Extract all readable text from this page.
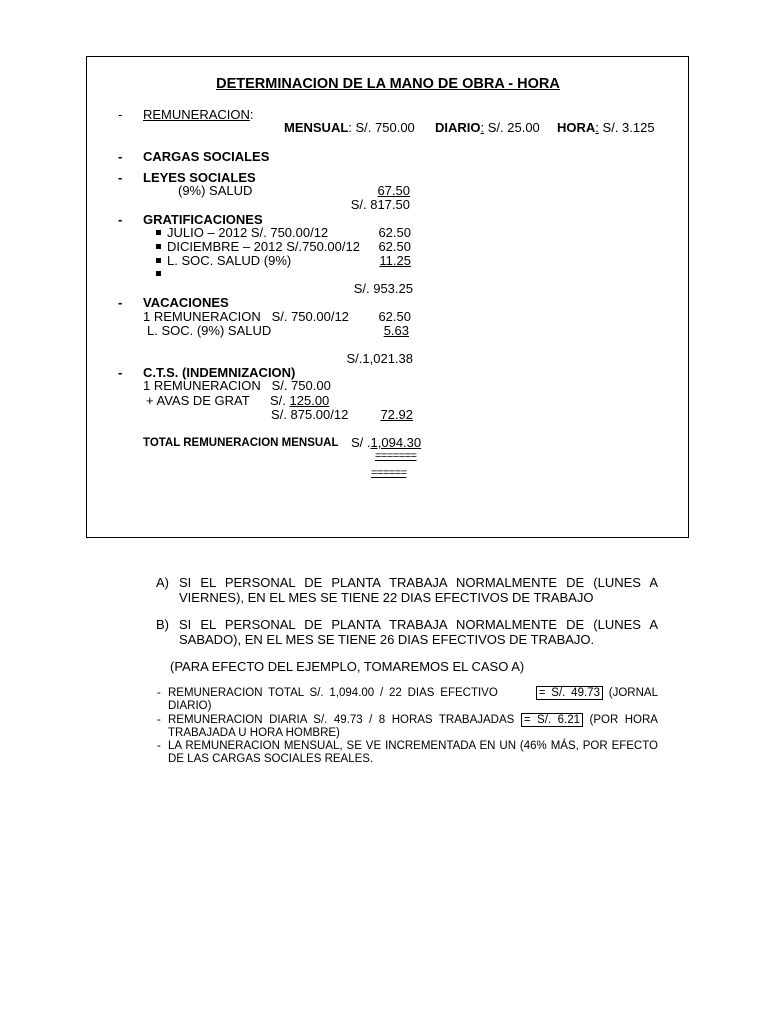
DETERMINACION DE LA MANO DE OBRA - HORA
- REMUNERACION:
MENSUAL: S/. 750.00 DIARIO: S/. 25.00 HORA: S/. 3.125
- CARGAS SOCIALES
- LEYES SOCIALES
(9%) SALUD	67.50
S/. 817.50
- GRATIFICACIONES
JULIO – 2012 S/. 750.00/12	62.50
DICIEMBRE – 2012 S/.750.00/12	62.50
L. SOC. SALUD (9%)	11.25
S/. 953.25
- VACACIONES
1 REMUNERACION   S/. 750.00/12	62.50
L. SOC. (9%) SALUD	5.63
S/.1,021.38
- C.T.S. (INDEMNIZACION)
1 REMUNERACION   S/. 750.00
+ AVAS DE GRAT S/. 125.00
S/. 875.00/12	72.92
TOTAL REMUNERACION MENSUAL S/ .1,094.30
=======
======
A) SI EL PERSONAL DE PLANTA TRABAJA NORMALMENTE DE (LUNES A VIERNES), EN EL MES SE TIENE 22 DIAS EFECTIVOS DE TRABAJO
B) SI EL PERSONAL DE PLANTA TRABAJA NORMALMENTE DE (LUNES A SABADO), EN EL MES SE TIENE 26 DIAS EFECTIVOS DE TRABAJO.
(PARA EFECTO DEL EJEMPLO, TOMAREMOS EL CASO A)
- REMUNERACION TOTAL S/. 1,094.00 / 22 DIAS EFECTIVO	= S/. 49.73 (JORNAL DIARIO)
- REMUNERACION DIARIA S/. 49.73 / 8 HORAS TRABAJADAS = S/. 6.21 (POR HORA TRABAJADA U HORA HOMBRE)
- LA REMUNERACION MENSUAL, SE VE INCREMENTADA EN UN (46% MÁS, POR EFECTO DE LAS CARGAS SOCIALES REALES.
